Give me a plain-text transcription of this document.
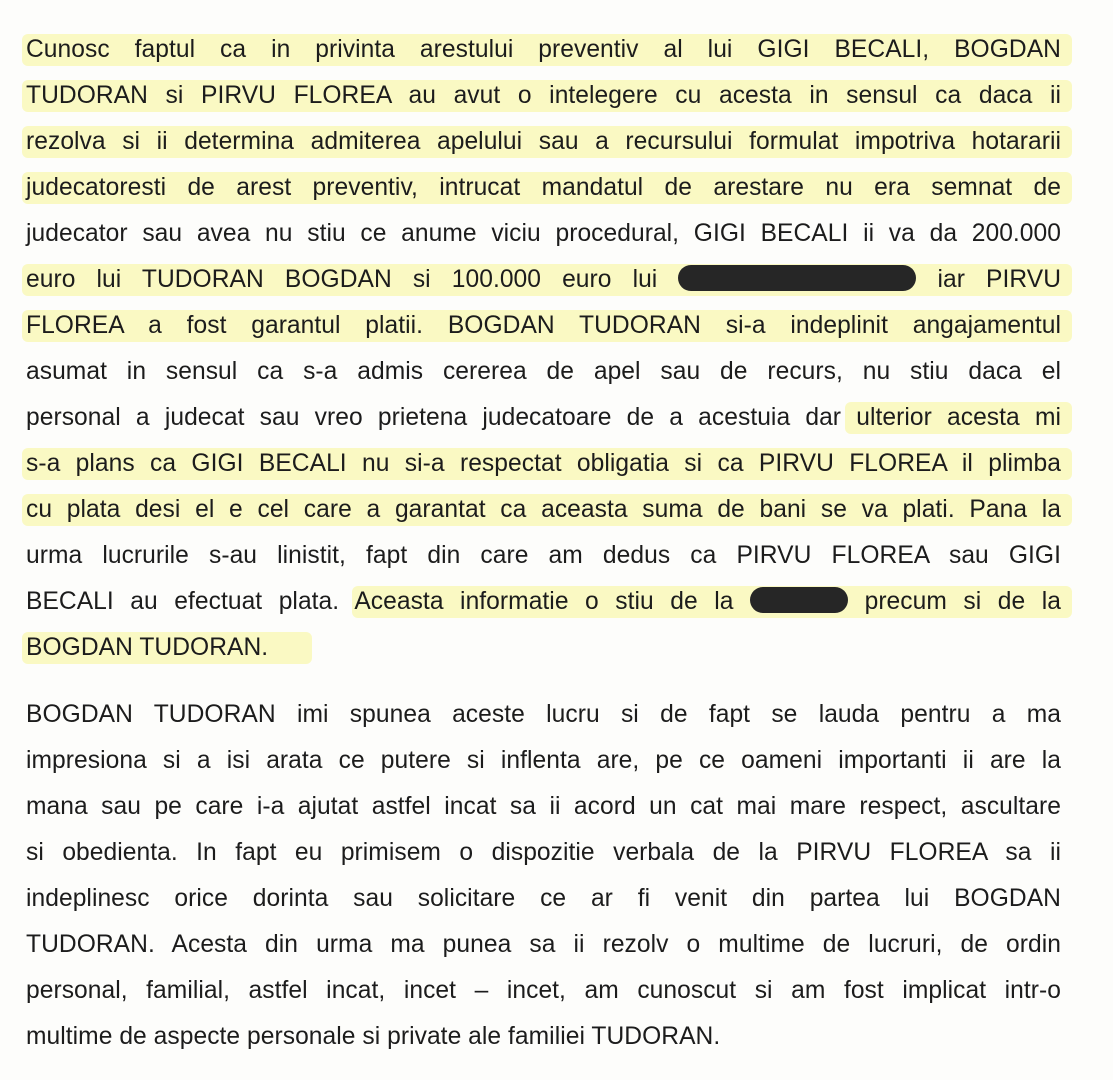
Cunosc faptul ca in privinta arestului preventiv al lui GIGI BECALI, BOGDAN
TUDORAN si PIRVU FLOREA au avut o intelegere cu acesta in sensul ca daca ii
rezolva si ii determina admiterea apelului sau a recursului formulat impotriva hotararii
judecatoresti de arest preventiv, intrucat mandatul de arestare nu era semnat de
judecator sau avea nu stiu ce anume viciu procedural, GIGI BECALI ii va da 200.000
euro lui TUDORAN BOGDAN si 100.000 euro lui	iar PIRVU
FLOREA a fost garantul platii. BOGDAN TUDORAN si-a indeplinit angajamentul
asumat in sensul ca s-a admis cererea de apel sau de recurs, nu stiu daca el
personal a judecat sau vreo prietena judecatoare de a acestuia dar ulterior acesta mi
s-a plans ca GIGI BECALI nu si-a respectat obligatia si ca PIRVU FLOREA il plimba
cu plata desi el e cel care a garantat ca aceasta suma de bani se va plati. Pana la
urma lucrurile s-au linistit, fapt din care am dedus ca PIRVU FLOREA sau GIGI
BECALI au efectuat plata. Aceasta informatie o stiu de la	precum si de la
BOGDAN TUDORAN.
BOGDAN TUDORAN imi spunea aceste lucru si de fapt se lauda pentru a ma
impresiona si a isi arata ce putere si inflenta are, pe ce oameni importanti ii are la
mana sau pe care i-a ajutat astfel incat sa ii acord un cat mai mare respect, ascultare
si obedienta. In fapt eu primisem o dispozitie verbala de la PIRVU FLOREA sa ii
indeplinesc orice dorinta sau solicitare ce ar fi venit din partea lui BOGDAN
TUDORAN. Acesta din urma ma punea sa ii rezolv o multime de lucruri, de ordin
personal, familial, astfel incat, incet – incet, am cunoscut si am fost implicat intr-o
multime de aspecte personale si private ale familiei TUDORAN.
